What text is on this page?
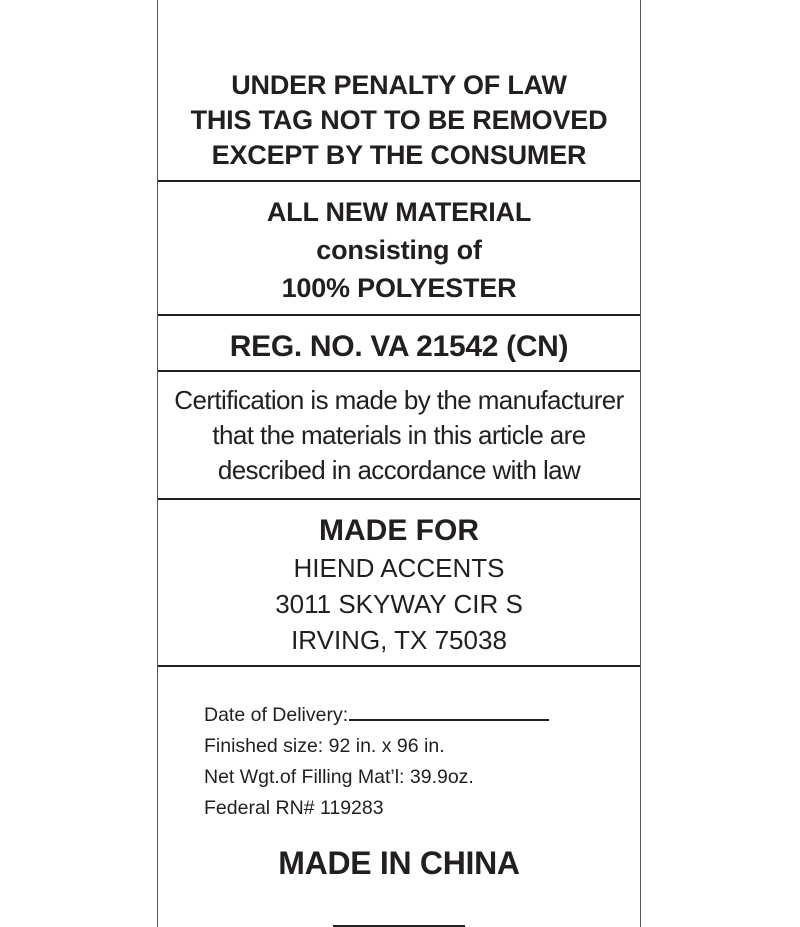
UNDER PENALTY OF LAW
THIS TAG NOT TO BE REMOVED
EXCEPT BY THE CONSUMER
ALL NEW MATERIAL
consisting of
100% POLYESTER
REG. NO. VA 21542 (CN)
Certification is made by the manufacturer
that the materials in this article are
described in accordance with law
MADE FOR
HIEND ACCENTS
3011 SKYWAY CIR S
IRVING, TX 75038
Date of Delivery:
Finished size: 92 in. x 96 in.
Net Wgt.of Filling Mat’l: 39.9oz.
Federal RN# 119283
MADE IN CHINA
